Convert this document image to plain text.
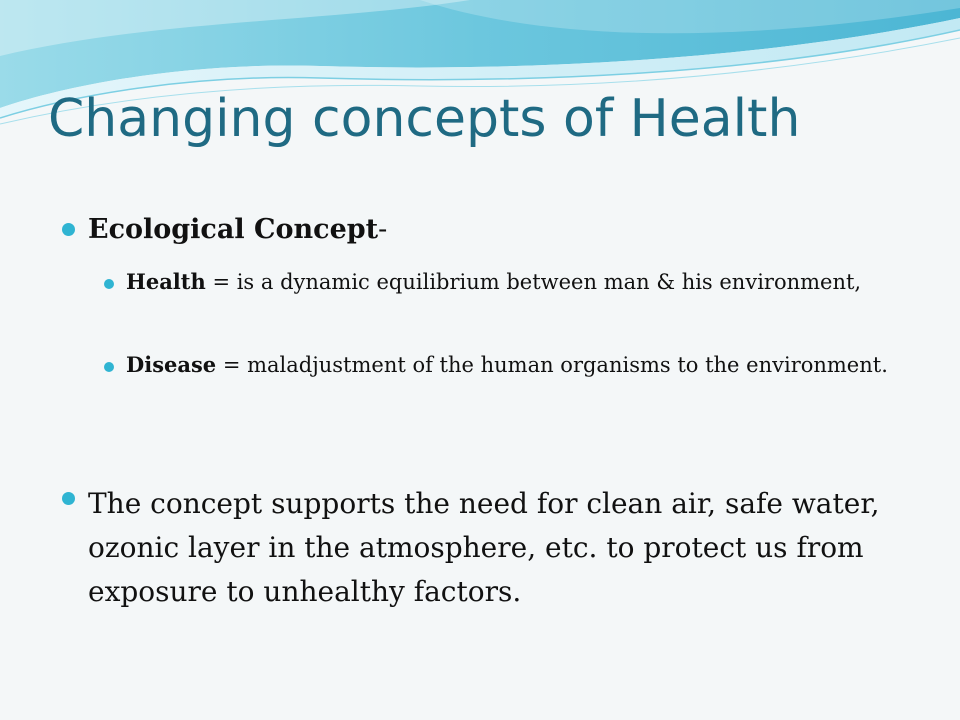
Changing concepts of Health
Ecological Concept-
Health = is a dynamic equilibrium between man & his environment,
Disease = maladjustment of the human organisms to the environment.
The concept supports the need for clean air, safe water, ozonic layer in the atmosphere, etc. to protect us from exposure to unhealthy factors.
